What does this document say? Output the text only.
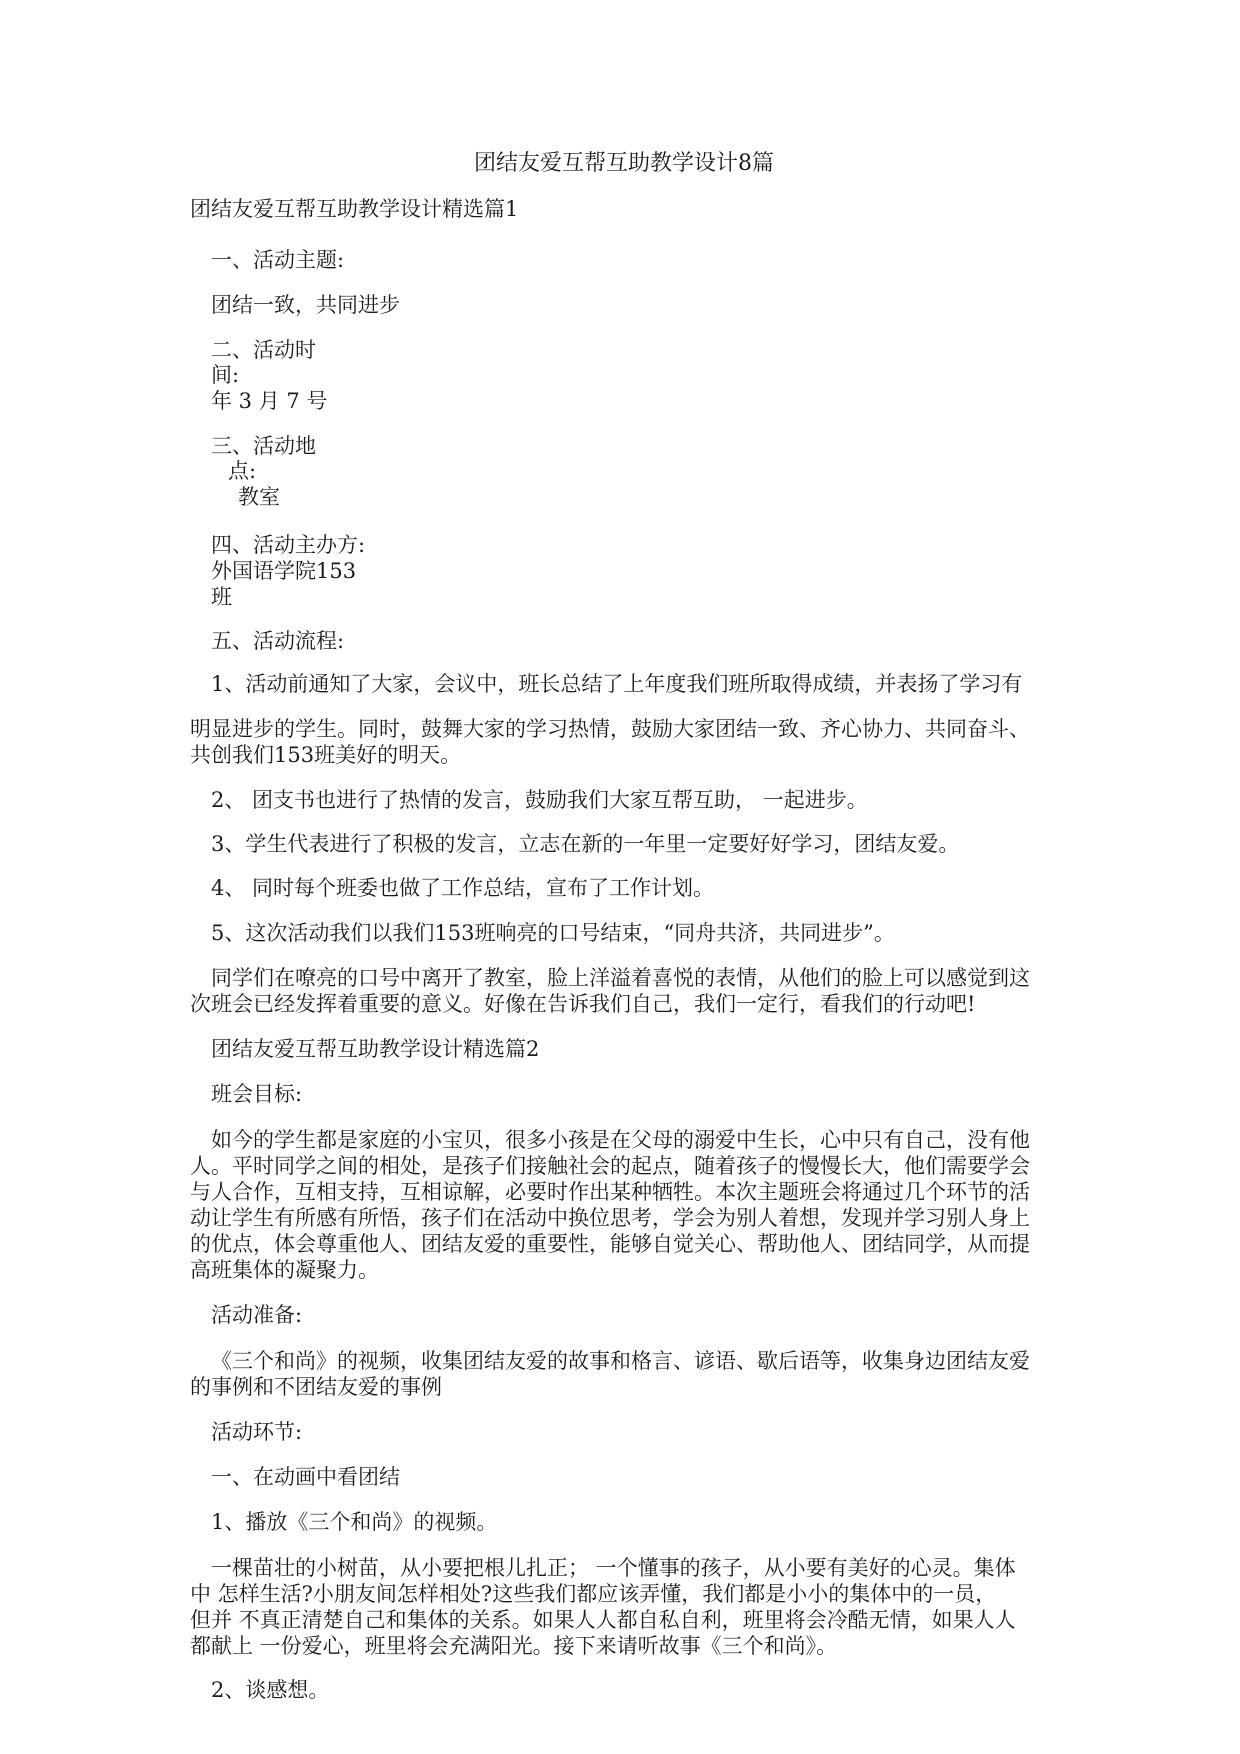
团结友爱互帮互助教学设计8篇
团结友爱互帮互助教学设计精选篇1
一、活动主题:
团结一致，共同进步
二、活动时
间:
年 3 月 7 号
三、活动地
点:
教室
四、活动主办方:
外国语学院153
班
五、活动流程:
1、活动前通知了大家，会议中，班长总结了上年度我们班所取得成绩，并表扬了学习有
明显进步的学生。同时，鼓舞大家的学习热情，鼓励大家团结一致、齐心协力、共同奋斗、
共创我们153班美好的明天。
2、 团支书也进行了热情的发言，鼓励我们大家互帮互助， 一起进步。
3、学生代表进行了积极的发言，立志在新的一年里一定要好好学习，团结友爱。
4、 同时每个班委也做了工作总结，宣布了工作计划。
5、这次活动我们以我们153班响亮的口号结束，“同舟共济，共同进步”。
同学们在嘹亮的口号中离开了教室，脸上洋溢着喜悦的表情，从他们的脸上可以感觉到这
次班会已经发挥着重要的意义。好像在告诉我们自己，我们一定行，看我们的行动吧!
团结友爱互帮互助教学设计精选篇2
班会目标:
如今的学生都是家庭的小宝贝，很多小孩是在父母的溺爱中生长，心中只有自己，没有他
人。平时同学之间的相处，是孩子们接触社会的起点，随着孩子的慢慢长大，他们需要学会
与人合作，互相支持，互相谅解，必要时作出某种牺牲。本次主题班会将通过几个环节的活
动让学生有所感有所悟，孩子们在活动中换位思考，学会为别人着想，发现并学习别人身上
的优点，体会尊重他人、团结友爱的重要性，能够自觉关心、帮助他人、团结同学，从而提
高班集体的凝聚力。
活动准备:
《三个和尚》的视频，收集团结友爱的故事和格言、谚语、歇后语等，收集身边团结友爱
的事例和不团结友爱的事例
活动环节:
一、在动画中看团结
1、播放《三个和尚》的视频。
一棵苗壮的小树苗，从小要把根儿扎正； 一个懂事的孩子，从小要有美好的心灵。集体
中 怎样生活?小朋友间怎样相处?这些我们都应该弄懂，我们都是小小的集体中的一员，
但并 不真正清楚自己和集体的关系。如果人人都自私自利，班里将会冷酷无情，如果人人
都献上 一份爱心，班里将会充满阳光。接下来请听故事《三个和尚》。
2、谈感想。
